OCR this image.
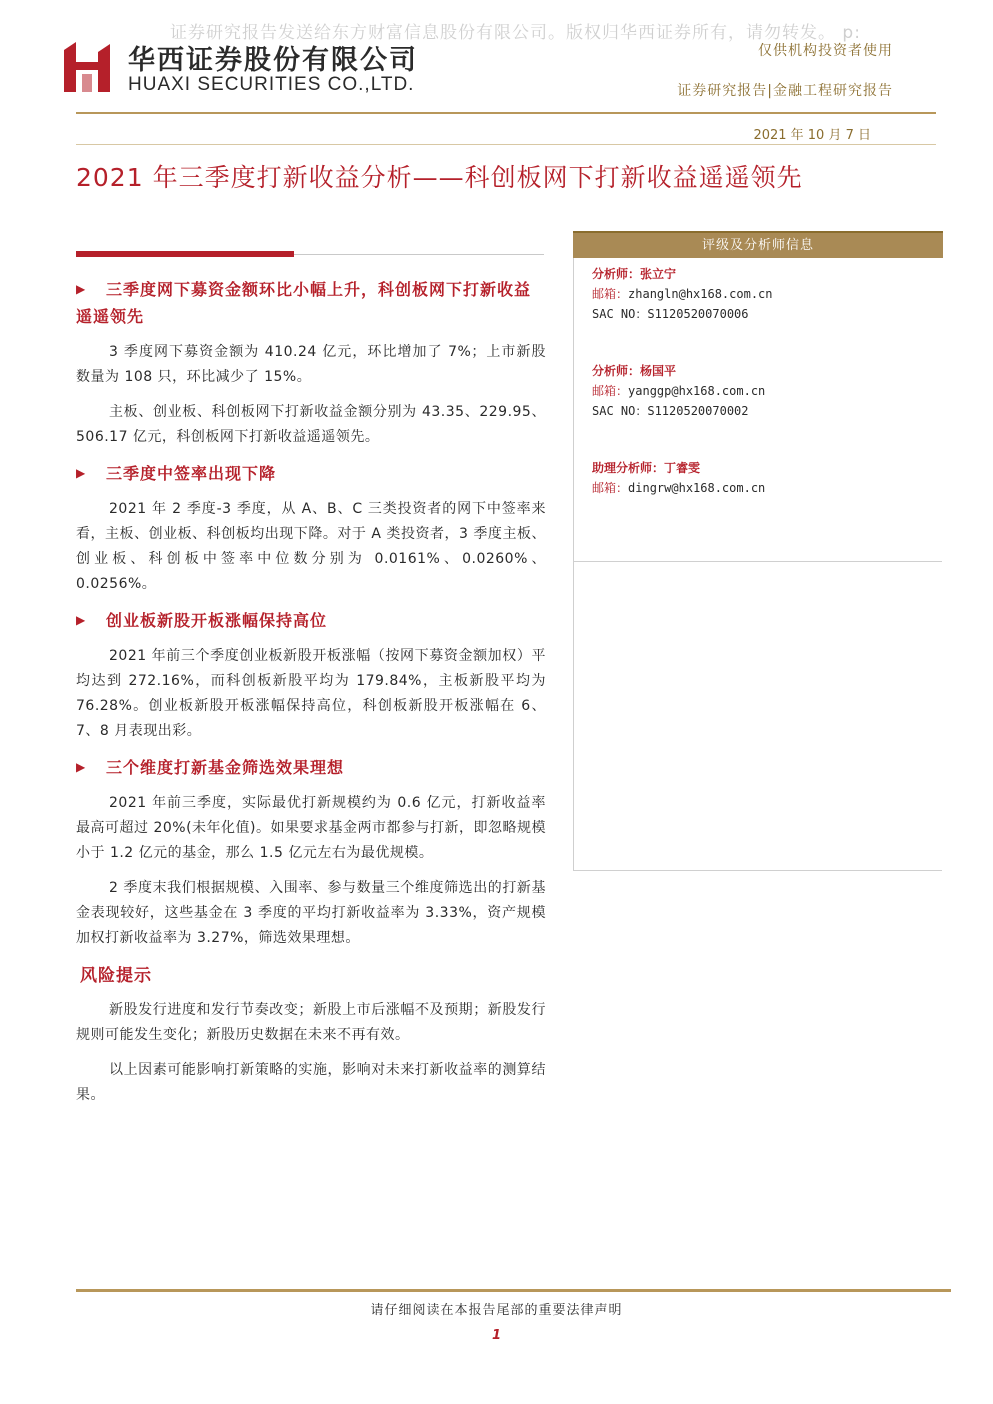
证券研究报告发送给东方财富信息股份有限公司。版权归华西证券所有，请勿转发。 p:
华西证券股份有限公司
HUAXI SECURITIES CO.,LTD.
仅供机构投资者使用
证券研究报告|金融工程研究报告
2021 年 10 月 7 日
2021 年三季度打新收益分析——科创板网下打新收益遥遥领先
▶ 三季度网下募资金额环比小幅上升，科创板网下打新收益遥遥领先

3 季度网下募资金额为 410.24 亿元，环比增加了 7%；上市新股数量为 108 只，环比减少了 15%。

主板、创业板、科创板网下打新收益金额分别为 43.35、229.95、506.17 亿元，科创板网下打新收益遥遥领先。

▶ 三季度中签率出现下降

2021 年 2 季度-3 季度，从 A、B、C 三类投资者的网下中签率来看，主板、创业板、科创板均出现下降。对于 A 类投资者，3 季度主板、创业板、科创板中签率中位数分别为 0.0161%、0.0260%、0.0256%。

▶ 创业板新股开板涨幅保持高位

2021 年前三个季度创业板新股开板涨幅（按网下募资金额加权）平均达到 272.16%，而科创板新股平均为 179.84%，主板新股平均为 76.28%。创业板新股开板涨幅保持高位，科创板新股开板涨幅在 6、7、8 月表现出彩。

▶ 三个维度打新基金筛选效果理想

2021 年前三季度，实际最优打新规模约为 0.6 亿元，打新收益率最高可超过 20%(未年化值)。如果要求基金两市都参与打新，即忽略规模小于 1.2 亿元的基金，那么 1.5 亿元左右为最优规模。

2 季度末我们根据规模、入围率、参与数量三个维度筛选出的打新基金表现较好，这些基金在 3 季度的平均打新收益率为 3.33%，资产规模加权打新收益率为 3.27%，筛选效果理想。

风险提示

新股发行进度和发行节奏改变；新股上市后涨幅不及预期；新股发行规则可能发生变化；新股历史数据在未来不再有效。

以上因素可能影响打新策略的实施，影响对未来打新收益率的测算结果。

评级及分析师信息
分析师：张立宁
邮箱：zhangln@hx168.com.cn
SAC NO：S1120520070006
分析师：杨国平
邮箱：yanggp@hx168.com.cn
SAC NO：S1120520070002
助理分析师：丁睿雯
邮箱：dingrw@hx168.com.cn
请仔细阅读在本报告尾部的重要法律声明
1
